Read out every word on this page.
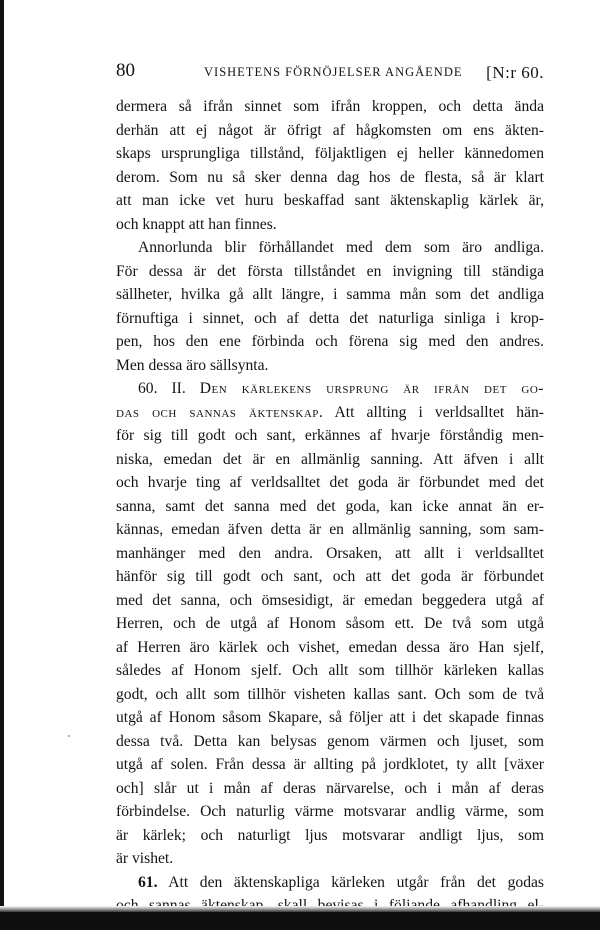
80	VISHETENS FÖRNÖJELSER ANGÅENDE [N:r 60.
dermera så ifrån sinnet som ifrån kroppen, och detta ända
derhän att ej något är öfrigt af hågkomsten om ens äkten-
skaps ursprungliga tillstånd, följaktligen ej heller kännedomen
derom. Som nu så sker denna dag hos de flesta, så är klart
att man icke vet huru beskaffad sant äktenskaplig kärlek är,
och knappt att han finnes.
Annorlunda blir förhållandet med dem som äro andliga.
För dessa är det första tillståndet en invigning till ständiga
sällheter, hvilka gå allt längre, i samma mån som det andliga
förnuftiga i sinnet, och af detta det naturliga sinliga i krop-
pen, hos den ene förbinda och förena sig med den andres.
Men dessa äro sällsynta.
60. II. Den kärlekens ursprung är ifrån det go-
das och sannas äktenskap. Att allting i verldsalltet hän-
för sig till godt och sant, erkännes af hvarje förståndig men-
niska, emedan det är en allmänlig sanning. Att äfven i allt
och hvarje ting af verldsalltet det goda är förbundet med det
sanna, samt det sanna med det goda, kan icke annat än er-
kännas, emedan äfven detta är en allmänlig sanning, som sam-
manhänger med den andra. Orsaken, att allt i verldsalltet
hänför sig till godt och sant, och att det goda är förbundet
med det sanna, och ömsesidigt, är emedan beggedera utgå af
Herren, och de utgå af Honom såsom ett. De två som utgå
af Herren äro kärlek och vishet, emedan dessa äro Han sjelf,
således af Honom sjelf. Och allt som tillhör kärleken kallas
godt, och allt som tillhör visheten kallas sant. Och som de två
utgå af Honom såsom Skapare, så följer att i det skapade finnas
dessa två. Detta kan belysas genom värmen och ljuset, som
utgå af solen. Från dessa är allting på jordklotet, ty allt [växer
och] slår ut i mån af deras närvarelse, och i mån af deras
förbindelse. Och naturlig värme motsvarar andlig värme, som
är kärlek; och naturligt ljus motsvarar andligt ljus, som
är vishet.
61. Att den äktenskapliga kärleken utgår från det godas
